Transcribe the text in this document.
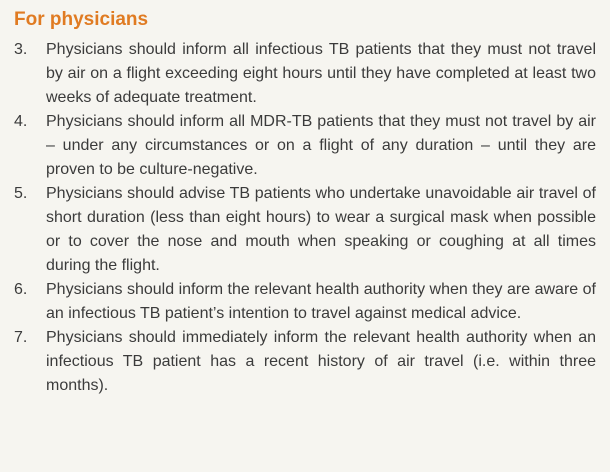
For physicians
3.	Physicians should inform all infectious TB patients that they must not travel by air on a flight exceeding eight hours until they have completed at least two weeks of adequate treatment.
4.	Physicians should inform all MDR-TB patients that they must not travel by air – under any circumstances or on a flight of any duration – until they are proven to be culture-negative.
5.	Physicians should advise TB patients who undertake unavoidable air travel of short duration (less than eight hours) to wear a surgical mask when possible or to cover the nose and mouth when speaking or coughing at all times during the flight.
6.	Physicians should inform the relevant health authority when they are aware of an infectious TB patient’s intention to travel against medical advice.
7.	Physicians should immediately inform the relevant health authority when an infectious TB patient has a recent history of air travel (i.e. within three months).
